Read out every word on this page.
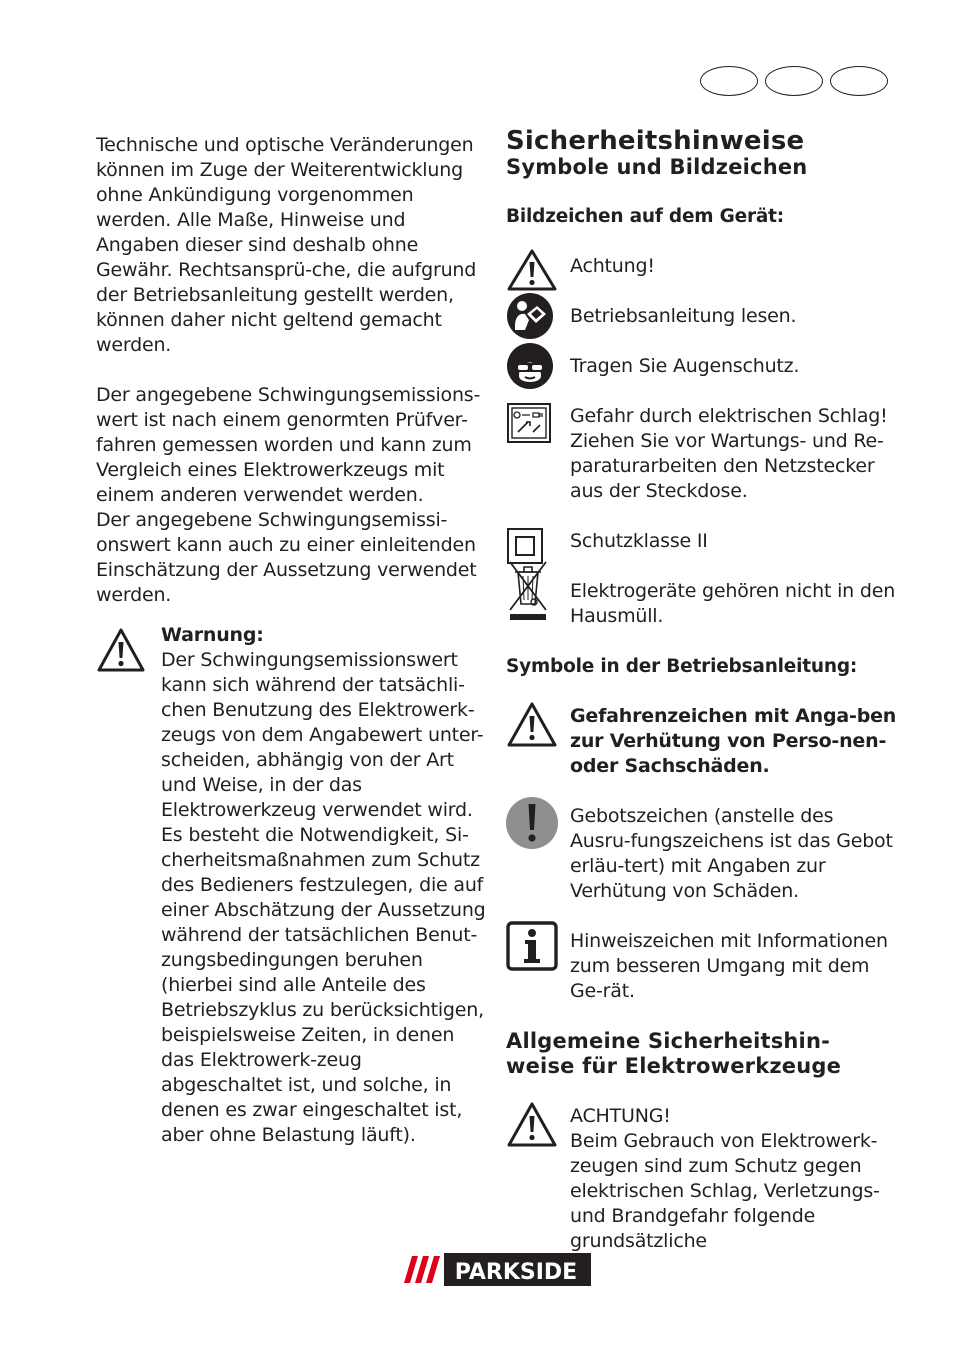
Technische und optische Veränderungen können im Zuge der Weiterentwicklung ohne Ankündigung vorgenommen werden. Alle Maße, Hinweise und Angaben dieser sind deshalb ohne Gewähr. Rechtsansprü-che, die aufgrund der Betriebsanleitung gestellt werden, können daher nicht geltend gemacht werden.

Der angegebene Schwingungsemissions-wert ist nach einem genormten Prüfver-fahren gemessen worden und kann zum Vergleich eines Elektrowerkzeugs mit einem anderen verwendet werden.

Der angegebene Schwingungsemissi-onswert kann auch zu einer einleitenden Einschätzung der Aussetzung verwendet werden.

Warnung:
Der Schwingungsemissionswert kann sich während der tatsächli-chen Benutzung des Elektrowerk-zeugs von dem Angabewert unter-scheiden, abhängig von der Art und Weise, in der das Elektrowerkzeug verwendet wird.
Es besteht die Notwendigkeit, Si-cherheitsmaßnahmen zum Schutz des Bedieners festzulegen, die auf einer Abschätzung der Aussetzung während der tatsächlichen Benut-zungsbedingungen beruhen (hierbei sind alle Anteile des Betriebszyklus zu berücksichtigen, beispielsweise Zeiten, in denen das Elektrowerk-zeug abgeschaltet ist, und solche, in denen es zwar eingeschaltet ist, aber ohne Belastung läuft).
Sicherheitshinweise
Symbole und Bildzeichen
Bildzeichen auf dem Gerät:
Achtung!
Betriebsanleitung lesen.
Tragen Sie Augenschutz.
Gefahr durch elektrischen Schlag! Ziehen Sie vor Wartungs- und Re-paraturarbeiten den Netzstecker aus der Steckdose.
Schutzklasse II
Elektrogeräte gehören nicht in den Hausmüll.
Symbole in der Betriebsanleitung:
Gefahrenzeichen mit Anga-ben zur Verhütung von Perso-nen- oder Sachschäden.
Gebotszeichen (anstelle des Ausru-fungszeichens ist das Gebot erläu-tert) mit Angaben zur Verhütung von Schäden.
Hinweiszeichen mit Informationen zum besseren Umgang mit dem Ge-rät.
Allgemeine Sicherheitshin-weise für Elektrowerkzeuge
ACHTUNG!
Beim Gebrauch von Elektrowerk-zeugen sind zum Schutz gegen elektrischen Schlag, Verletzungs- und Brandgefahr folgende grundsätzliche
PARKSIDE
